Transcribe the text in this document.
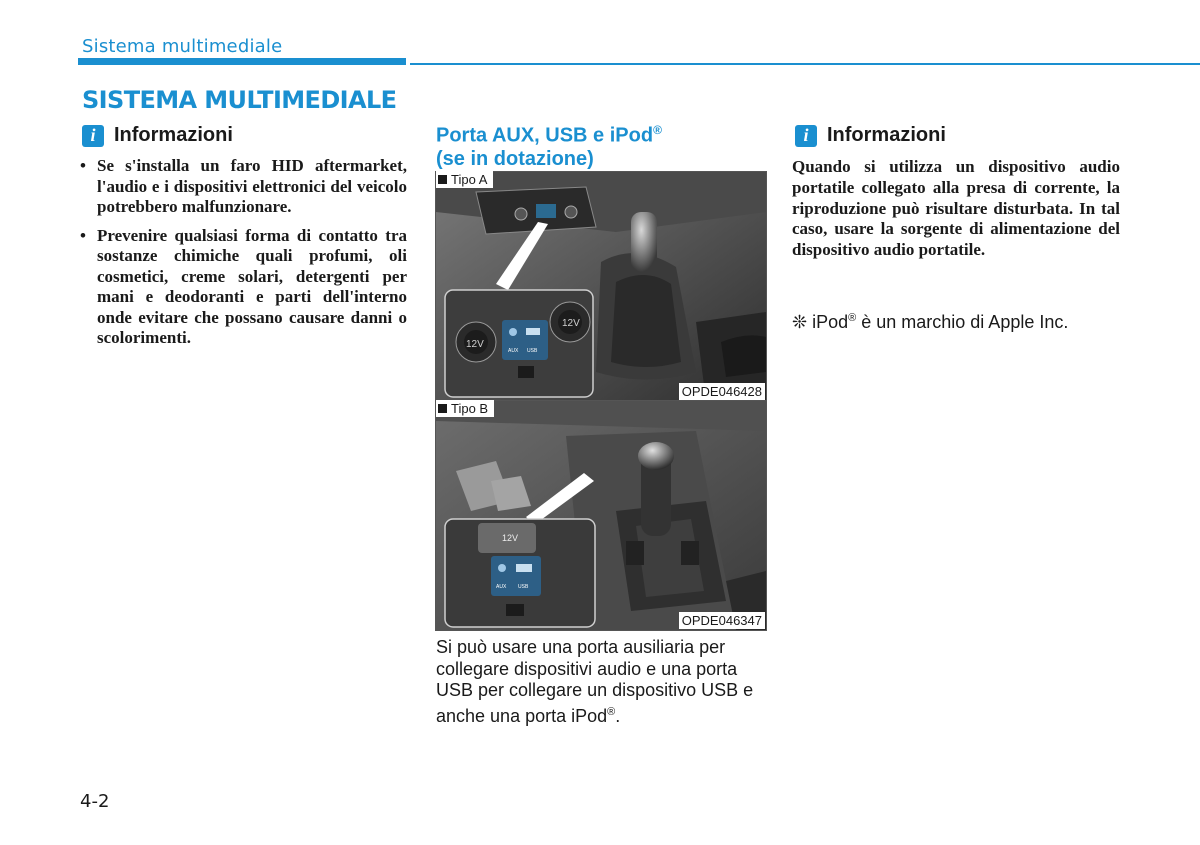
Sistema multimediale
SISTEMA MULTIMEDIALE
i Informazioni
• Se s'installa un faro HID aftermarket, l'audio e i dispositivi elettronici del veicolo potrebbero malfunzionare.
• Prevenire qualsiasi forma di contatto tra sostanze chimiche quali profumi, oli cosmetici, creme solari, detergenti per mani e deodoranti e parti dell'interno onde evitare che possano causare danni o scolorimenti.
Porta AUX, USB e iPod®
(se in dotazione)
Tipo A
12V
AUX USB
12V
OPDE046428
Tipo B
12V
AUX USB
OPDE046347

Si può usare una porta ausiliaria per collegare dispositivi audio e una porta USB per collegare un dispositivo USB e anche una porta iPod®.

i Informazioni

Quando si utilizza un dispositivo audio portatile collegato alla presa di corrente, la riproduzione può risultare disturbata. In tal caso, usare la sorgente di alimentazione del dispositivo audio portatile.

❊ iPod® è un marchio di Apple Inc.
4-2
